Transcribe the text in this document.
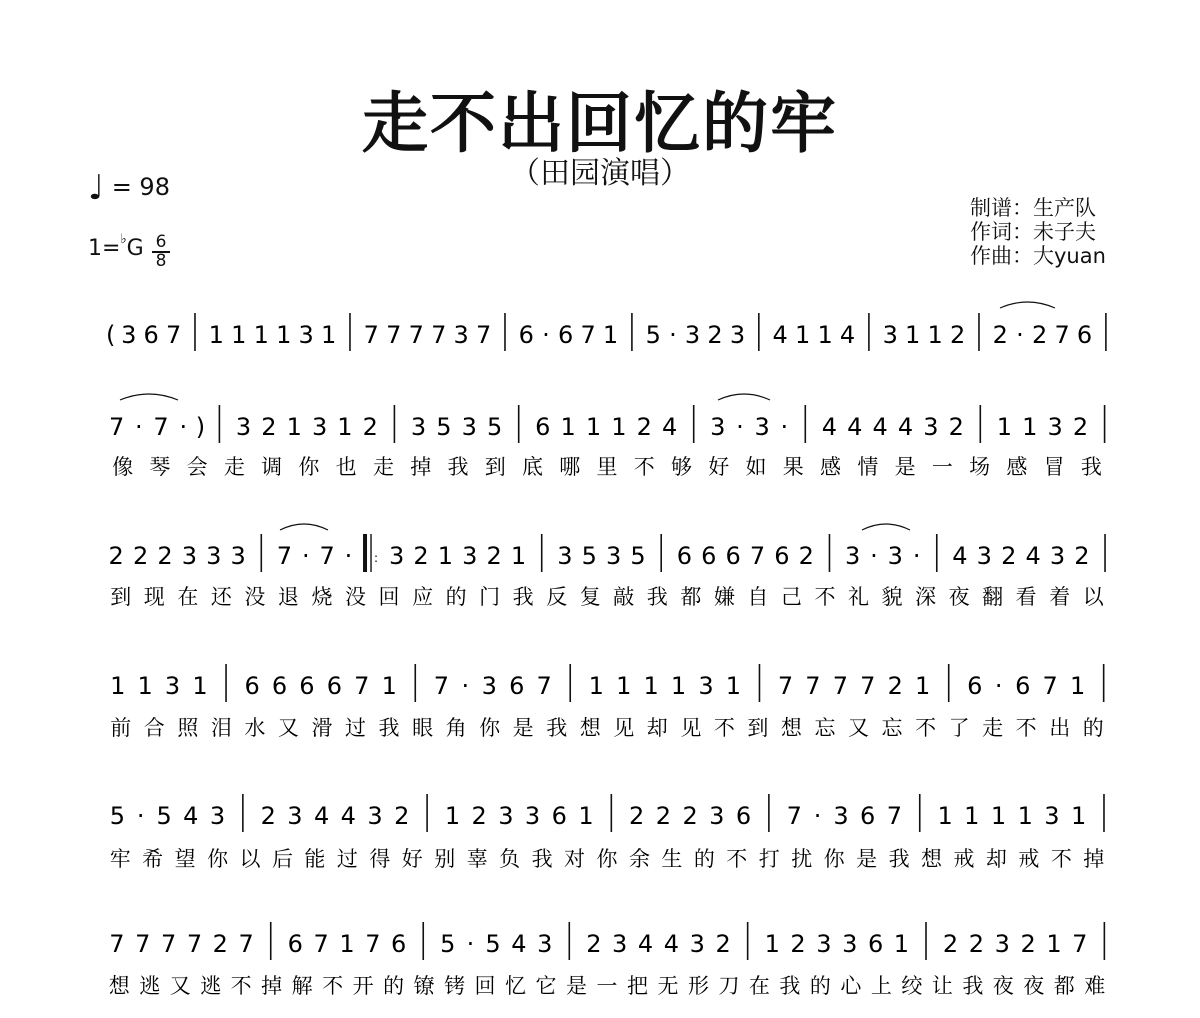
走不出回忆的牢
（田园演唱）
♩ = 98
$1=^♭G \frac{6}{8}$
制谱：生产队
作词：未子夫
作曲：大yuan
( 3 6 7 1 1 1 1 3 1 7 7 7 7 3 7 6 · 6 7 1 5 · 3 2 3 4 1 1 4 3 1 1 2 2 · 2 7 6
7 · 7 · ) 3 2 1 3 1 2 3 5 3 5 6 1 1 1 2 4 3 · 3 · 4 4 4 4 3 2 1 1 3 2
像 琴 会 走 调 你 也 走 掉 我 到 底 哪 里 不 够 好 如 果 感 情 是 一 场 感 冒 我
2 2 2 3 3 3 7 · 7 · : 3 2 1 3 2 1 3 5 3 5 6 6 6 7 6 2 3 · 3 · 4 3 2 4 3 2
到 现 在 还 没 退 烧 没 回 应 的 门 我 反 复 敲 我 都 嫌 自 己 不 礼 貌 深 夜 翻 看 着 以
1 1 3 1 6 6 6 6 7 1 7 · 3 6 7 1 1 1 1 3 1 7 7 7 7 2 1 6 · 6 7 1
前 合 照 泪 水 又 滑 过 我 眼 角 你 是 我 想 见 却 见 不 到 想 忘 又 忘 不 了 走 不 出 的
5 · 5 4 3 2 3 4 4 3 2 1 2 3 3 6 1 2 2 2 3 6 7 · 3 6 7 1 1 1 1 3 1
牢 希 望 你 以 后 能 过 得 好 别 辜 负 我 对 你 余 生 的 不 打 扰 你 是 我 想 戒 却 戒 不 掉
7 7 7 7 2 7 6 7 1 7 6 5 · 5 4 3 2 3 4 4 3 2 1 2 3 3 6 1 2 2 3 2 1 7
想 逃 又 逃 不 掉 解 不 开 的 镣 铐 回 忆 它 是 一 把 无 形 刀 在 我 的 心 上 绞 让 我 夜 夜 都 难
